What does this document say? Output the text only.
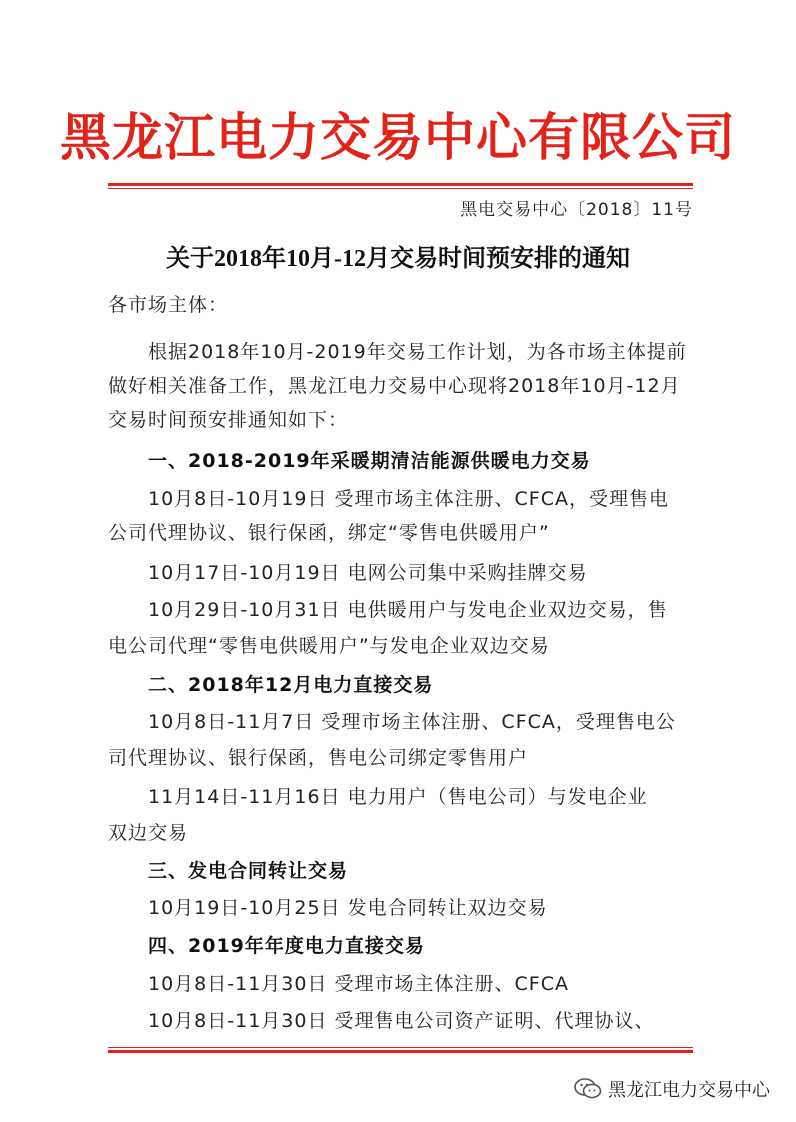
黑龙江电力交易中心有限公司
黑电交易中心〔2018〕11号
关于2018年10月-12月交易时间预安排的通知
各市场主体：
根据2018年10月-2019年交易工作计划，为各市场主体提前
做好相关准备工作，黑龙江电力交易中心现将2018年10月-12月
交易时间预安排通知如下：
一、2018-2019年采暖期清洁能源供暖电力交易
10月8日-10月19日 受理市场主体注册、CFCA，受理售电
公司代理协议、银行保函，绑定“零售电供暖用户”
10月17日-10月19日 电网公司集中采购挂牌交易
10月29日-10月31日 电供暖用户与发电企业双边交易，售
电公司代理“零售电供暖用户”与发电企业双边交易
二、2018年12月电力直接交易
10月8日-11月7日 受理市场主体注册、CFCA，受理售电公
司代理协议、银行保函，售电公司绑定零售用户
11月14日-11月16日 电力用户（售电公司）与发电企业
双边交易
三、发电合同转让交易
10月19日-10月25日 发电合同转让双边交易
四、2019年年度电力直接交易
10月8日-11月30日 受理市场主体注册、CFCA
10月8日-11月30日 受理售电公司资产证明、代理协议、
黑龙江电力交易中心
